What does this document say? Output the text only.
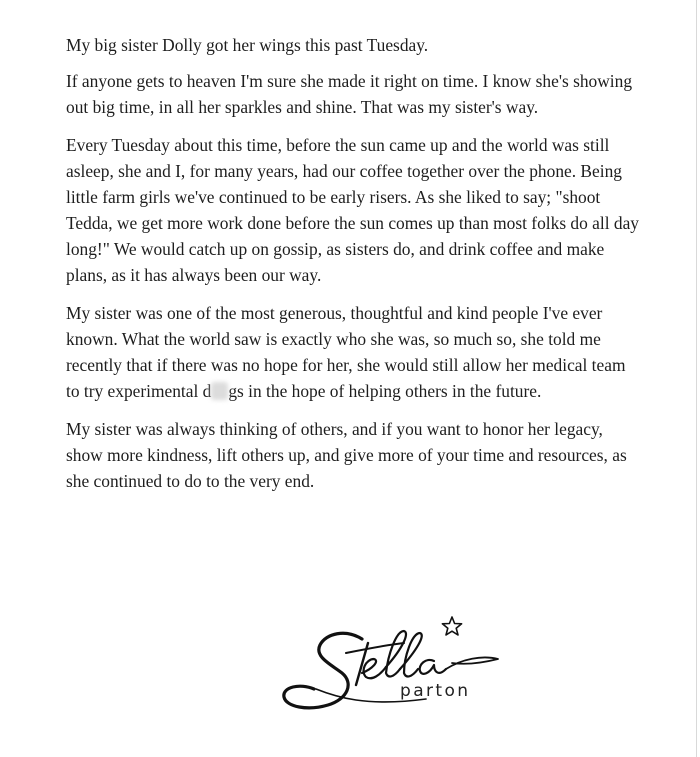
My big sister Dolly got her wings this past Tuesday.

If anyone gets to heaven I'm sure she made it right on time. I know she's showing out big time, in all her sparkles and shine. That was my sister's way.

Every Tuesday about this time, before the sun came up and the world was still asleep, she and I, for many years, had our coffee together over the phone. Being little farm girls we've continued to be early risers. As she liked to say; "shoot Tedda, we get more work done before the sun comes up than most folks do all day long!" We would catch up on gossip, as sisters do, and drink coffee and make plans, as it has always been our way.

My sister was one of the most generous, thoughtful and kind people I've ever known. What the world saw is exactly who she was, so much so, she told me recently that if there was no hope for her, she would still allow her medical team to try experimental d gs in the hope of helping others in the future.

My sister was always thinking of others, and if you want to honor her legacy, show more kindness, lift others up, and give more of your time and resources, as she continued to do to the very end.

parton
